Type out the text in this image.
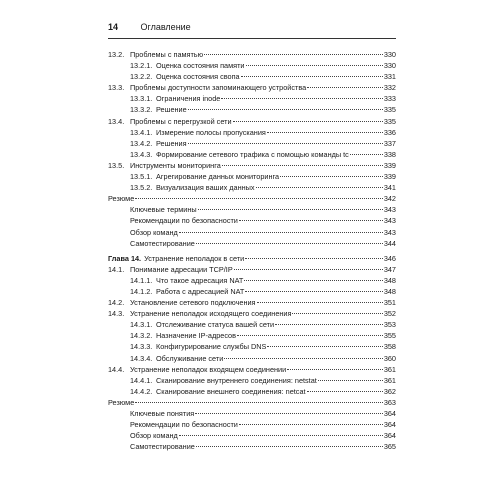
14	Оглавление
13.2. Проблемы с памятью	330
13.2.1. Оценка состояния памяти	330
13.2.2. Оценка состояния свопа	331
13.3. Проблемы доступности запоминающего устройства	332
13.3.1. Ограничения inode	333
13.3.2. Решение	335
13.4. Проблемы с перегрузкой сети	335
13.4.1. Измерение полосы пропускания	336
13.4.2. Решения	337
13.4.3. Формирование сетевого трафика с помощью команды tc	338
13.5. Инструменты мониторинга	339
13.5.1. Агрегирование данных мониторинга	339
13.5.2. Визуализация ваших данных	341
Резюме	342
Ключевые термины	343
Рекомендации по безопасности	343
Обзор команд	343
Самотестирование	344
Глава 14. Устранение неполадок в сети	346
14.1. Понимание адресации TCP/IP	347
14.1.1. Что такое адресация NAT	348
14.1.2. Работа с адресацией NAT	348
14.2. Установление сетевого подключения	351
14.3. Устранение неполадок исходящего соединения	352
14.3.1. Отслеживание статуса вашей сети	353
14.3.2. Назначение IP-адресов	355
14.3.3. Конфигурирование службы DNS	358
14.3.4. Обслуживание сети	360
14.4. Устранение неполадок входящем соединении	361
14.4.1. Сканирование внутреннего соединения: netstat	361
14.4.2. Сканирование внешнего соединения: netcat	362
Резюме	363
Ключевые понятия	364
Рекомендации по безопасности	364
Обзор команд	364
Самотестирование	365
